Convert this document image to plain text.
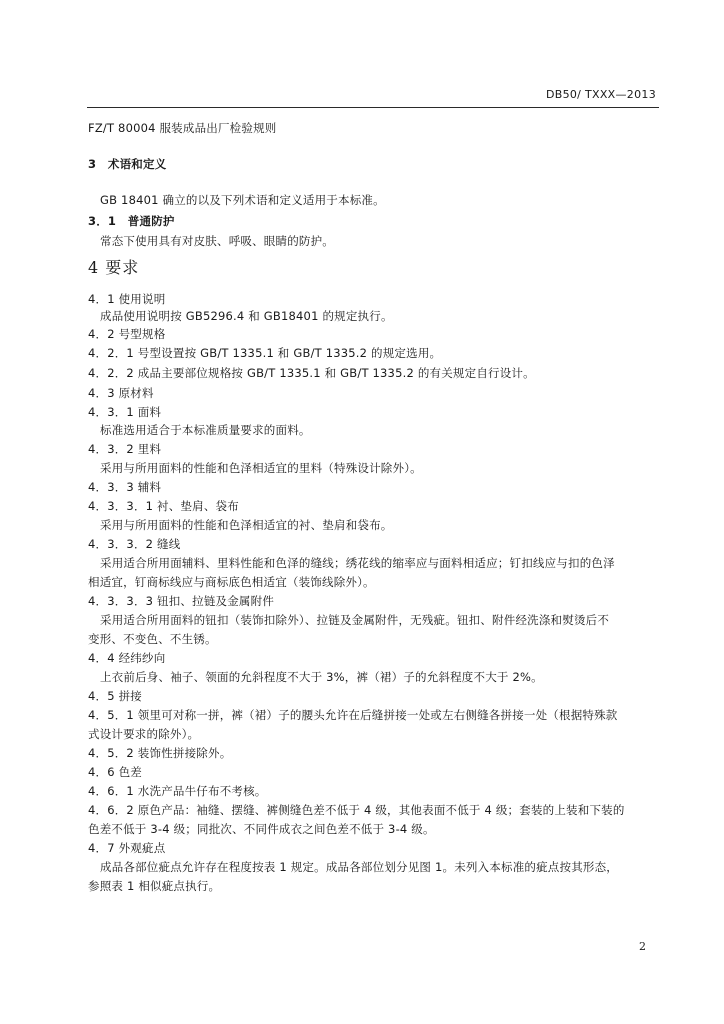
DB50/ TXXX—2013
FZ/T 80004 服装成品出厂检验规则
3　术语和定义
GB 18401 确立的以及下列术语和定义适用于本标准。
3．1　普通防护
常态下使用具有对皮肤、呼吸、眼睛的防护。
4 要求
4．1 使用说明
成品使用说明按 GB5296.4 和 GB18401 的规定执行。
4．2 号型规格
4．2．1 号型设置按 GB/T 1335.1 和 GB/T 1335.2 的规定选用。
4．2．2 成品主要部位规格按 GB/T 1335.1 和 GB/T 1335.2 的有关规定自行设计。
4．3 原材料
4．3．1 面料
标准选用适合于本标准质量要求的面料。
4．3．2 里料
采用与所用面料的性能和色泽相适宜的里料（特殊设计除外）。
4．3．3 辅料
4．3．3．1 衬、垫肩、袋布
采用与所用面料的性能和色泽相适宜的衬、垫肩和袋布。
4．3．3．2 缝线
采用适合所用面辅料、里料性能和色泽的缝线；绣花线的缩率应与面料相适应；钉扣线应与扣的色泽
相适宜，钉商标线应与商标底色相适宜（装饰线除外）。
4．3．3．3 钮扣、拉链及金属附件
采用适合所用面料的钮扣（装饰扣除外）、拉链及金属附件，无残疵。钮扣、附件经洗涤和熨烫后不
变形、不变色、不生锈。
4．4 经纬纱向
上衣前后身、袖子、领面的允斜程度不大于 3%，裤（裙）子的允斜程度不大于 2%。
4．5 拼接
4．5．1 领里可对称一拼，裤（裙）子的腰头允许在后缝拼接一处或左右侧缝各拼接一处（根据特殊款
式设计要求的除外）。
4．5．2 装饰性拼接除外。
4．6 色差
4．6．1 水洗产品牛仔布不考核。
4．6．2 原色产品：袖缝、摆缝、裤侧缝色差不低于 4 级，其他表面不低于 4 级；套装的上装和下装的
色差不低于 3-4 级；同批次、不同件成衣之间色差不低于 3-4 级。
4．7 外观疵点
成品各部位疵点允许存在程度按表 1 规定。成品各部位划分见图 1。未列入本标准的疵点按其形态，
参照表 1 相似疵点执行。
2
